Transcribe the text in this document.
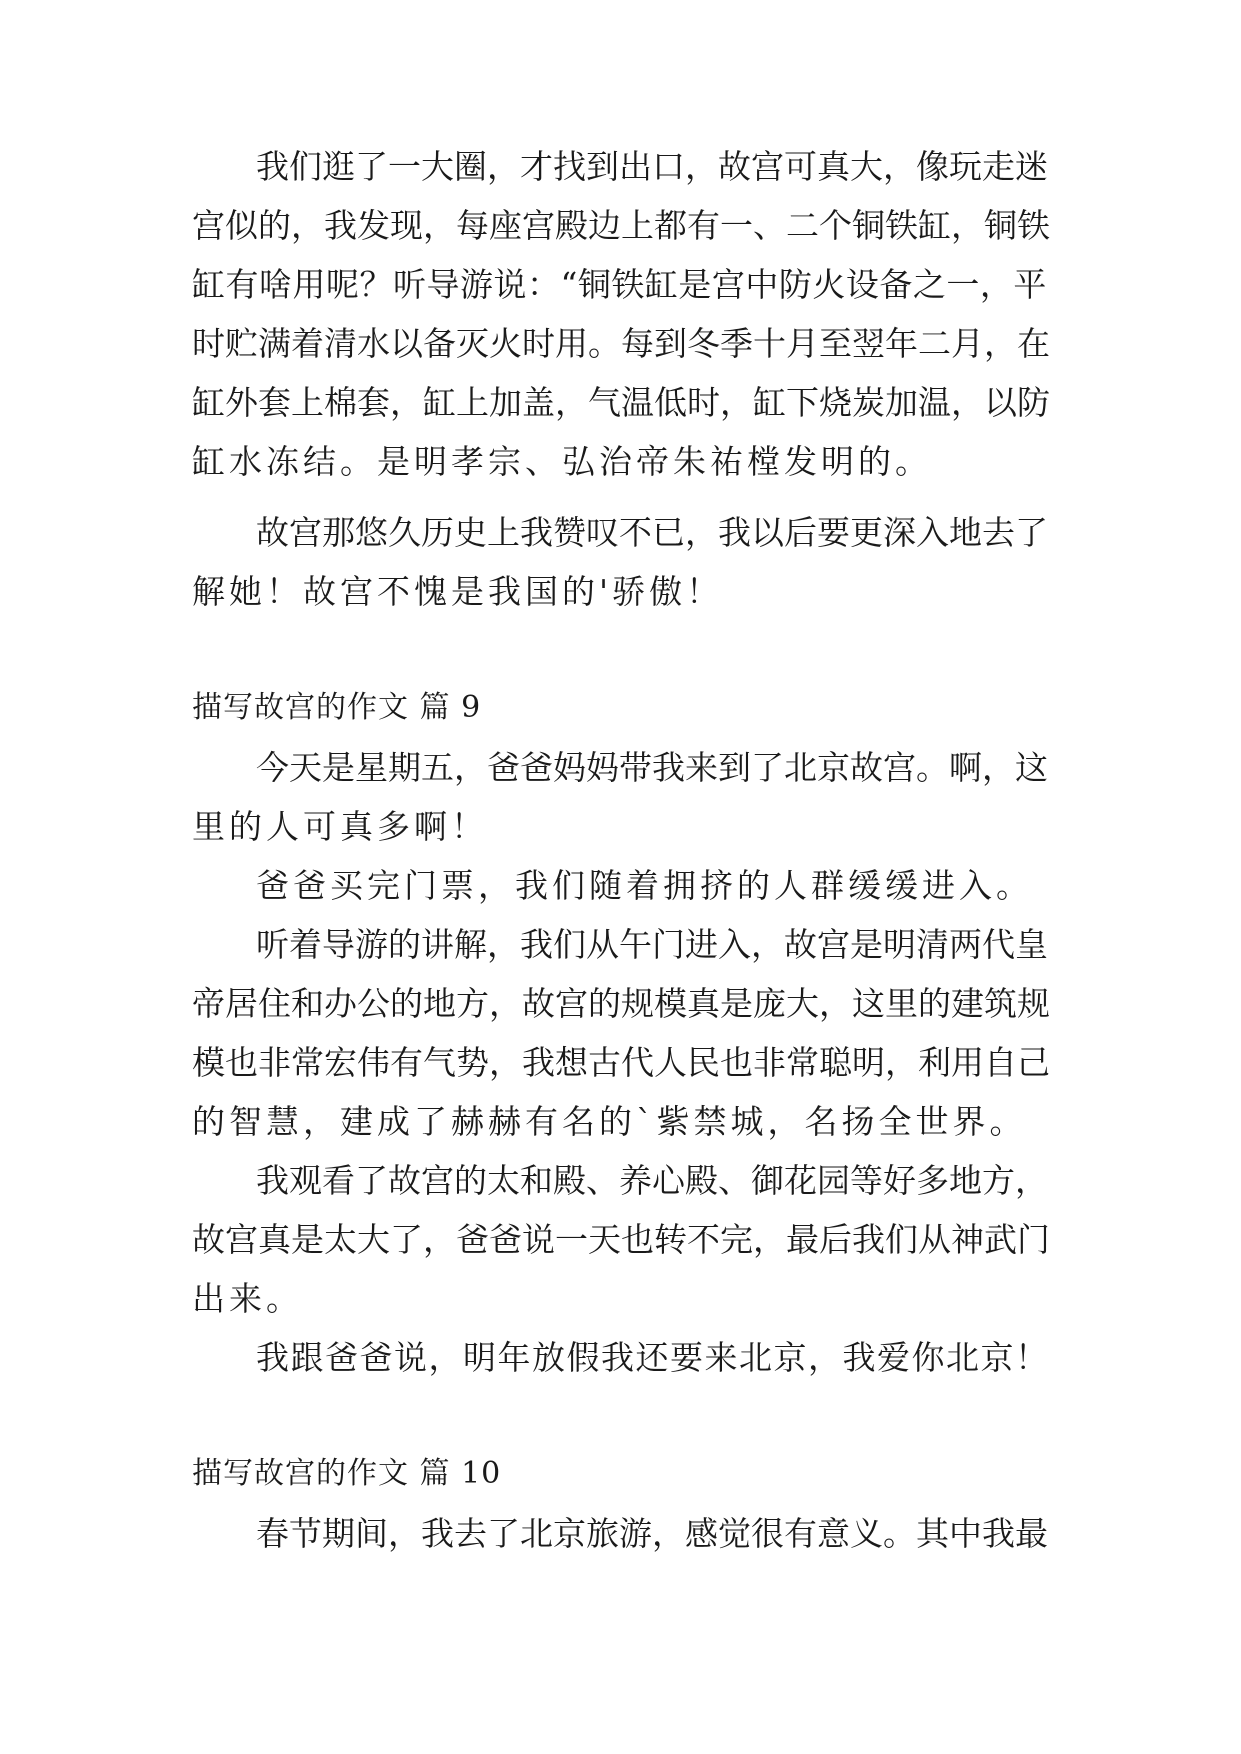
我们逛了一大圈，才找到出口，故宫可真大，像玩走迷
宫似的，我发现，每座宫殿边上都有一、二个铜铁缸，铜铁
缸有啥用呢？听导游说：“铜铁缸是宫中防火设备之一，平
时贮满着清水以备灭火时用。每到冬季十月至翌年二月，在
缸外套上棉套，缸上加盖，气温低时，缸下烧炭加温，以防
缸水冻结。是明孝宗、弘治帝朱祐樘发明的。
故宫那悠久历史上我赞叹不已，我以后要更深入地去了
解她！故宫不愧是我国的'骄傲！
描写故宫的作文 篇 9
今天是星期五，爸爸妈妈带我来到了北京故宫。啊，这
里的人可真多啊！
爸爸买完门票，我们随着拥挤的人群缓缓进入。
听着导游的讲解，我们从午门进入，故宫是明清两代皇
帝居住和办公的地方，故宫的规模真是庞大，这里的建筑规
模也非常宏伟有气势，我想古代人民也非常聪明，利用自己
的智慧，建成了赫赫有名的`紫禁城，名扬全世界。
我观看了故宫的太和殿、养心殿、御花园等好多地方，
故宫真是太大了，爸爸说一天也转不完，最后我们从神武门
出来。
我跟爸爸说，明年放假我还要来北京，我爱你北京！
描写故宫的作文 篇 10
春节期间，我去了北京旅游，感觉很有意义。其中我最
